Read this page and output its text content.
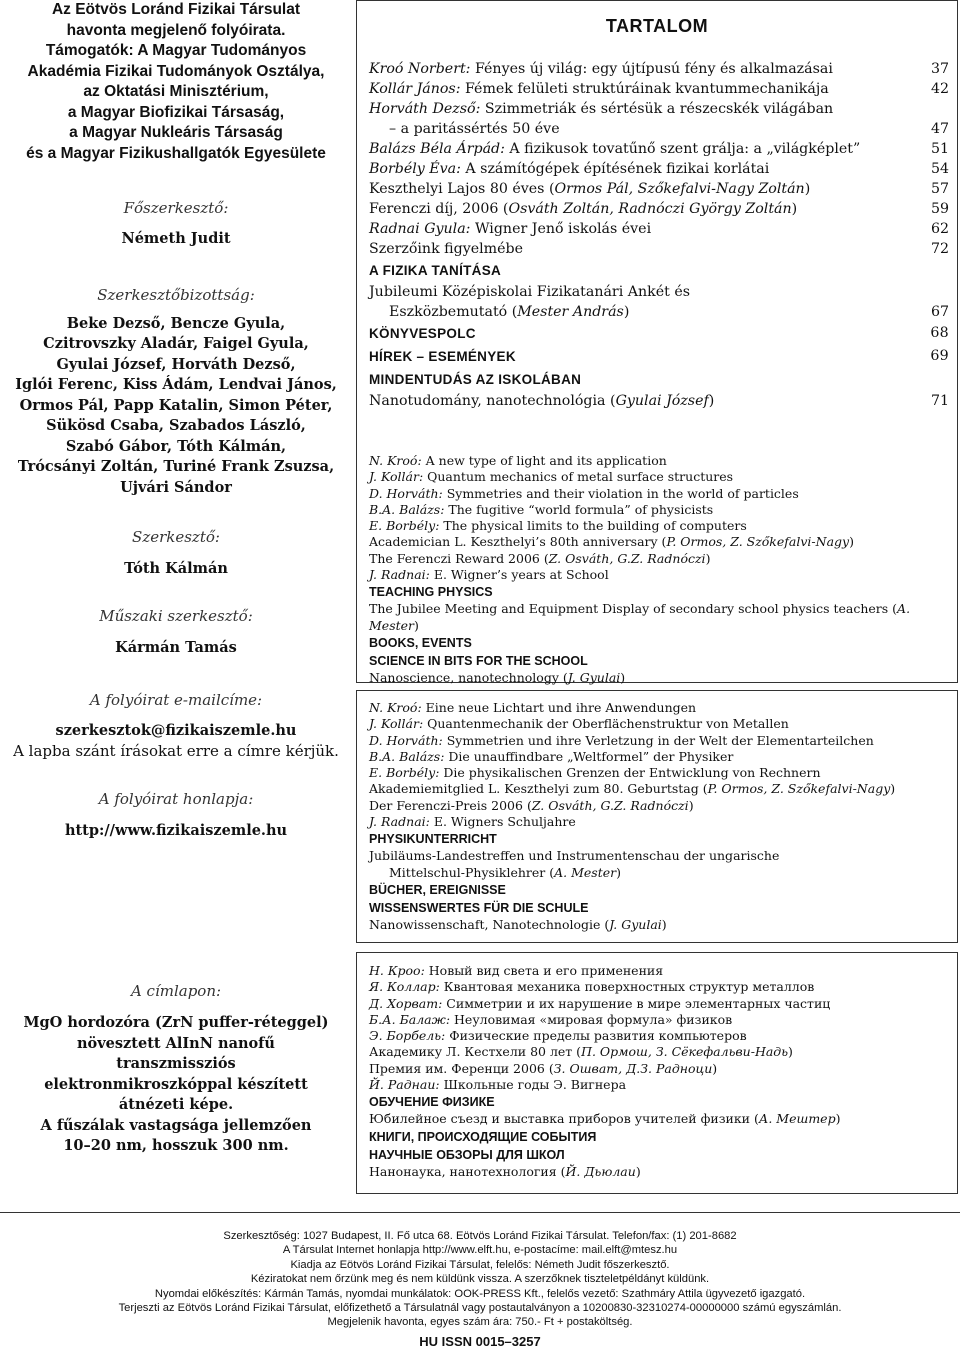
Az Eötvös Loránd Fizikai Társulat
havonta megjelenő folyóirata.
Támogatók: A Magyar Tudományos
Akadémia Fizikai Tudományok Osztálya,
az Oktatási Minisztérium,
a Magyar Biofizikai Társaság,
a Magyar Nukleáris Társaság
és a Magyar Fizikushallgatók Egyesülete
Főszerkesztő:
Németh Judit
Szerkesztőbizottság:
Beke Dezső, Bencze Gyula,
Czitrovszky Aladár, Faigel Gyula,
Gyulai József, Horváth Dezső,
Iglói Ferenc, Kiss Ádám, Lendvai János,
Ormos Pál, Papp Katalin, Simon Péter,
Sükösd Csaba, Szabados László,
Szabó Gábor, Tóth Kálmán,
Trócsányi Zoltán, Turiné Frank Zsuzsa,
Ujvári Sándor
Szerkesztő:
Tóth Kálmán
Műszaki szerkesztő:
Kármán Tamás
A folyóirat e-mailcíme:
szerkesztok@fizikaiszemle.hu
A lapba szánt írásokat erre a címre kérjük.
A folyóirat honlapja:
http://www.fizikaiszemle.hu
A címlapon:
MgO hordozóra (ZrN puffer-réteggel)
növesztett AlInN nanofű
transzmissziós
elektronmikroszkóppal készített
átnézeti képe.
A fűszálak vastagsága jellemzően
10–20 nm, hosszuk 300 nm.
TARTALOM
Kroó Norbert: Fényes új világ: egy újtípusú fény és alkalmazásai	37
Kollár János: Fémek felületi struktúráinak kvantummechanikája	42
Horváth Dezső: Szimmetriák és sértésük a részecskék világában
– a paritássértés 50 éve	47
Balázs Béla Árpád: A fizikusok tovatűnő szent grálja: a „világképlet”	51
Borbély Éva: A számítógépek építésének fizikai korlátai	54
Keszthelyi Lajos 80 éves (Ormos Pál, Szőkefalvi-Nagy Zoltán)	57
Ferenczi díj, 2006 (Osváth Zoltán, Radnóczi György Zoltán)	59
Radnai Gyula: Wigner Jenő iskolás évei	62
Szerzőink figyelmébe	72
A FIZIKA TANÍTÁSA
Jubileumi Középiskolai Fizikatanári Ankét és
Eszközbemutató (Mester András)	67
KÖNYVESPOLC	68
HÍREK – ESEMÉNYEK	69
MINDENTUDÁS AZ ISKOLÁBAN
Nanotudomány, nanotechnológia (Gyulai József)	71
N. Kroó: A new type of light and its application
J. Kollár: Quantum mechanics of metal surface structures
D. Horváth: Symmetries and their violation in the world of particles
B.A. Balázs: The fugitive “world formula” of physicists
E. Borbély: The physical limits to the building of computers
Academician L. Keszthelyi’s 80th anniversary (P. Ormos, Z. Szőkefalvi-Nagy)
The Ferenczi Reward 2006 (Z. Osváth, G.Z. Radnóczi)
J. Radnai: E. Wigner’s years at School
TEACHING PHYSICS
The Jubilee Meeting and Equipment Display of secondary school physics teachers (A. Mester)
BOOKS, EVENTS
SCIENCE IN BITS FOR THE SCHOOL
Nanoscience, nanotechnology (J. Gyulai)
N. Kroó: Eine neue Lichtart und ihre Anwendungen
J. Kollár: Quantenmechanik der Oberflächenstruktur von Metallen
D. Horváth: Symmetrien und ihre Verletzung in der Welt der Elementarteilchen
B.A. Balázs: Die unauffindbare „Weltformel” der Physiker
E. Borbély: Die physikalischen Grenzen der Entwicklung von Rechnern
Akademiemitglied L. Keszthelyi zum 80. Geburtstag (P. Ormos, Z. Szőkefalvi-Nagy)
Der Ferenczi-Preis 2006 (Z. Osváth, G.Z. Radnóczi)
J. Radnai: E. Wigners Schuljahre
PHYSIKUNTERRICHT
Jubiläums-Landestreffen und Instrumentenschau der ungarische
Mittelschul-Physiklehrer (A. Mester)
BÜCHER, EREIGNISSE
WISSENSWERTES FÜR DIE SCHULE
Nanowissenschaft, Nanotechnologie (J. Gyulai)
Н. Кроо: Новый вид света и его применения
Я. Коллар: Квантовая механика поверхностных структур металлов
Д. Хорват: Симметрии и их нарушение в мире элементарных частиц
Б.А. Балаж: Неуловимая «мировая формула» физиков
Э. Борбель: Физические пределы развития компьютеров
Академику Л. Кестхели 80 лет (П. Ормош, З. Сёкефальви-Надь)
Премия им. Ференци 2006 (З. Ошват, Д.З. Радноци)
Й. Раднаи: Школьные годы Э. Вигнера
ОБУЧЕНИЕ ФИЗИКЕ
Юбилейное съезд и выставка приборов учителей физики (А. Мештер)
КНИГИ, ПРОИСХОДЯЩИЕ СОБЫТИЯ
НАУЧНЫЕ ОБЗОРЫ ДЛЯ ШКОЛ
Нанонаука, нанотехнология (Й. Дьюлаи)
Szerkesztőség: 1027 Budapest, II. Fő utca 68. Eötvös Loránd Fizikai Társulat. Telefon/fax: (1) 201-8682
A Társulat Internet honlapja http://www.elft.hu, e-postacíme: mail.elft@mtesz.hu
Kiadja az Eötvös Loránd Fizikai Társulat, felelős: Németh Judit főszerkesztő.
Kéziratokat nem őrzünk meg és nem küldünk vissza. A szerzőknek tiszteletpéldányt küldünk.
Nyomdai előkészítés: Kármán Tamás, nyomdai munkálatok: OOK-PRESS Kft., felelős vezető: Szathmáry Attila ügyvezető igazgató.
Terjeszti az Eötvös Loránd Fizikai Társulat, előfizethető a Társulatnál vagy postautalványon a 10200830-32310274-00000000 számú egyszámlán.
Megjelenik havonta, egyes szám ára: 750.- Ft + postaköltség.
HU ISSN 0015–3257
